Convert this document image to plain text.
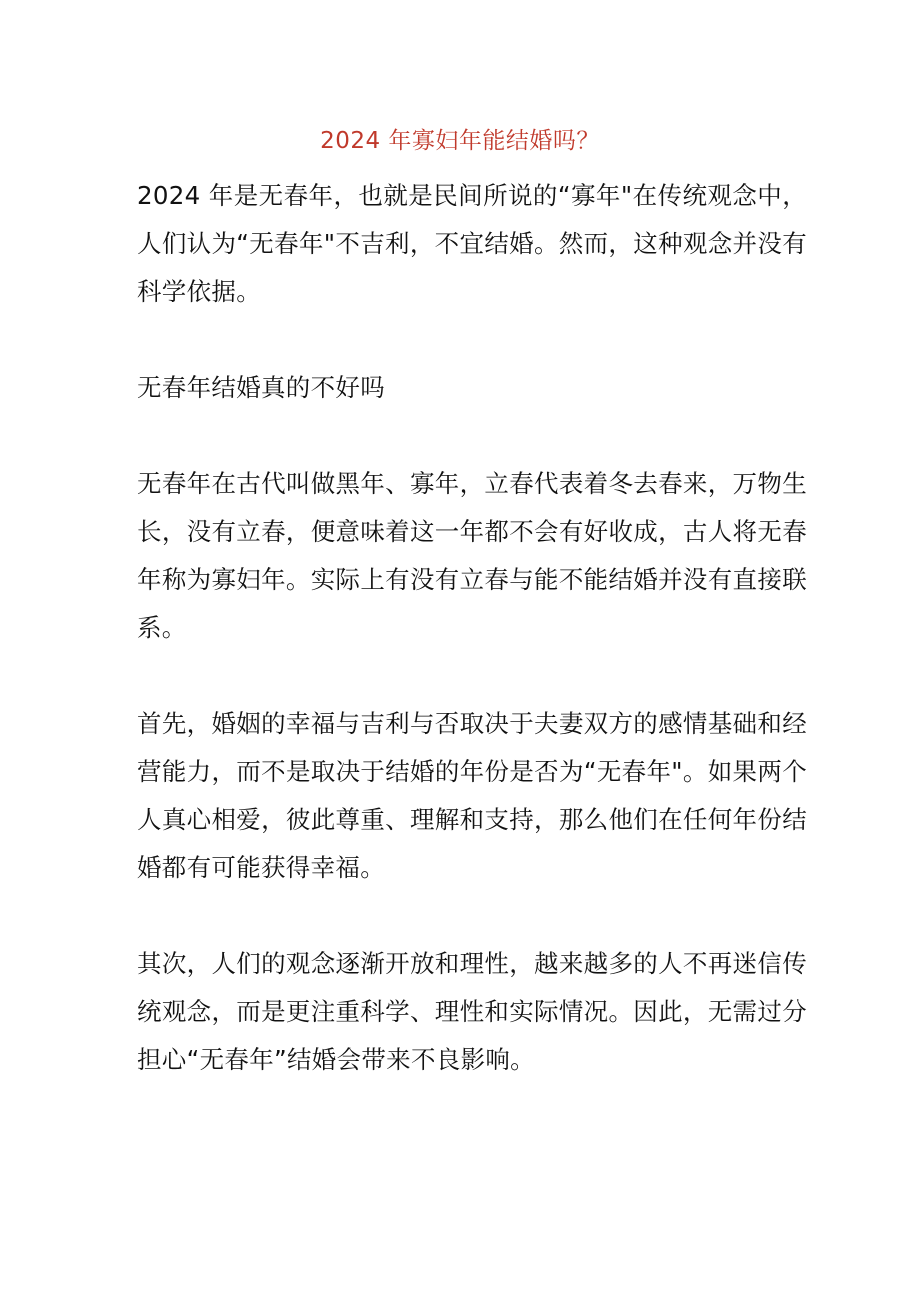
2024 年寡妇年能结婚吗？

2024 年是无春年，也就是民间所说的“寡年"在传统观念中，人们认为“无春年"不吉利，不宜结婚。然而，这种观念并没有科学依据。

无春年结婚真的不好吗

无春年在古代叫做黑年、寡年，立春代表着冬去春来，万物生长，没有立春，便意味着这一年都不会有好收成，古人将无春年称为寡妇年。实际上有没有立春与能不能结婚并没有直接联系。

首先，婚姻的幸福与吉利与否取决于夫妻双方的感情基础和经营能力，而不是取决于结婚的年份是否为“无春年"。如果两个人真心相爱，彼此尊重、理解和支持，那么他们在任何年份结婚都有可能获得幸福。

其次，人们的观念逐渐开放和理性，越来越多的人不再迷信传统观念，而是更注重科学、理性和实际情况。因此，无需过分担心“无春年”结婚会带来不良影响。
